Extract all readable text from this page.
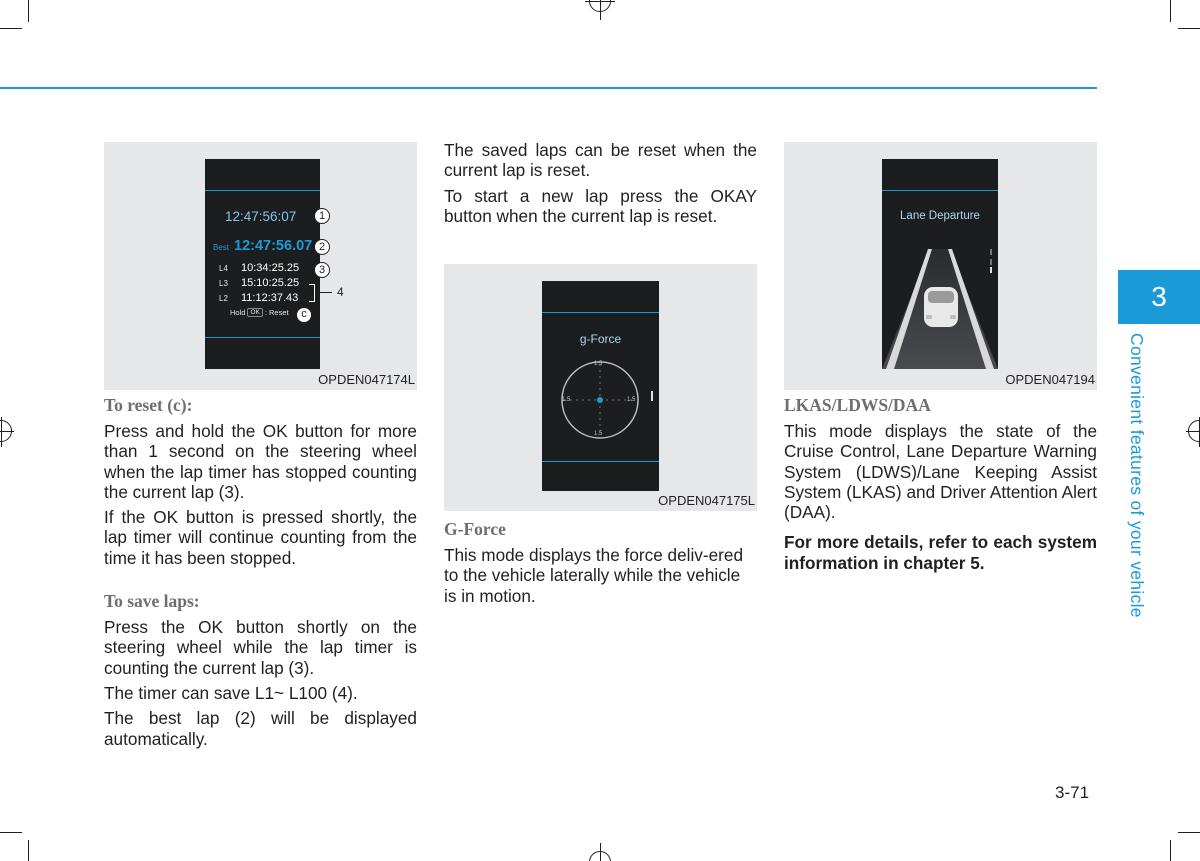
12:47:56:07
Best 12:47:56.07
L4	10:34:25.25
L3	15:10:25.25
L2	11:12:37.43
Hold OK : Reset
1
2
3
4
c
OPDEN047174L
To reset (c):

Press and hold the OK button for more than 1 second on the steering wheel when the lap timer has stopped counting the current lap (3).

If the OK button is pressed shortly, the lap timer will continue counting from the time it has been stopped.

To save laps:

Press the OK button shortly on the steering wheel while the lap timer is counting the current lap (3).

The timer can save L1~ L100 (4).

The best lap (2) will be displayed automatically.

The saved laps can be reset when the current lap is reset.

To start a new lap press the OKAY button when the current lap is reset.

g-Force
1.5
1.5
1.5	1.5
OPDEN047175L
G-Force

This mode displays the force deliv-ered to the vehicle laterally while the vehicle is in motion.

Lane Departure
OPDEN047194
LKAS/LDWS/DAA

This mode displays the state of the Cruise Control, Lane Departure Warning System (LDWS)/Lane Keeping Assist System (LKAS) and Driver Attention Alert (DAA).

For more details, refer to each system information in chapter 5.

3
Convenient features of your vehicle
3-71
